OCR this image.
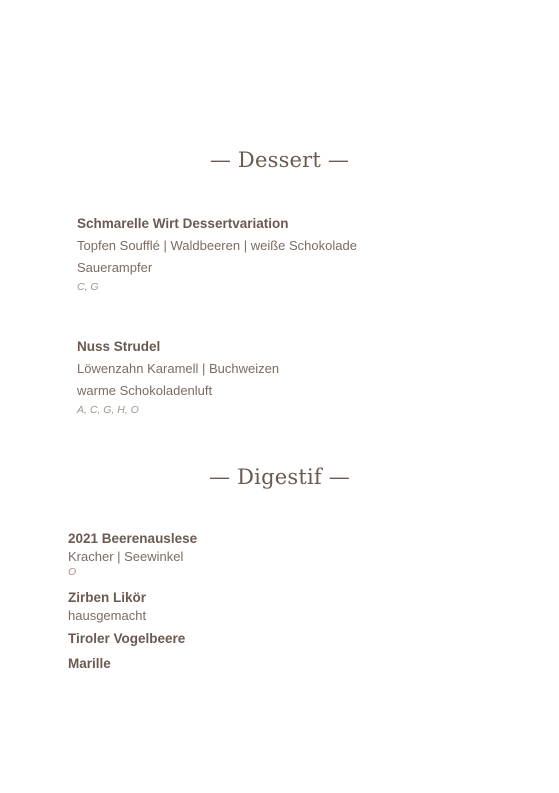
— Dessert —
Schmarelle Wirt Dessertvariation
Topfen Soufflé | Waldbeeren | weiße Schokolade
Sauerampfer
C, G
Nuss Strudel
Löwenzahn Karamell | Buchweizen
warme Schokoladenluft
A, C, G, H, O
— Digestif —
2021 Beerenauslese
Kracher | Seewinkel
O
Zirben Likör
hausgemacht
Tiroler Vogelbeere
Marille
